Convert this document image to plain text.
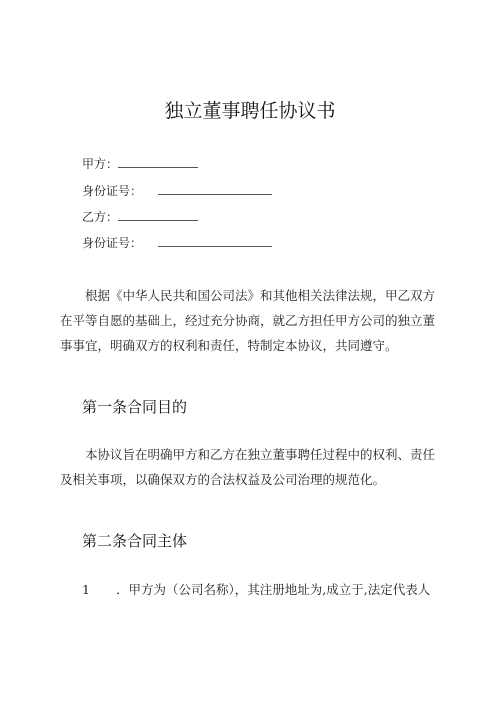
独立董事聘任协议书
甲方：
身份证号：
乙方：
身份证号：
根据《中华人民共和国公司法》和其他相关法律法规，甲乙双方在平等自愿的基础上，经过充分协商，就乙方担任甲方公司的独立董事事宜，明确双方的权利和责任，特制定本协议，共同遵守。
第一条合同目的
本协议旨在明确甲方和乙方在独立董事聘任过程中的权利、责任及相关事项，以确保双方的合法权益及公司治理的规范化。
第二条合同主体
1 ．甲方为（公司名称），其注册地址为,成立于,法定代表人
